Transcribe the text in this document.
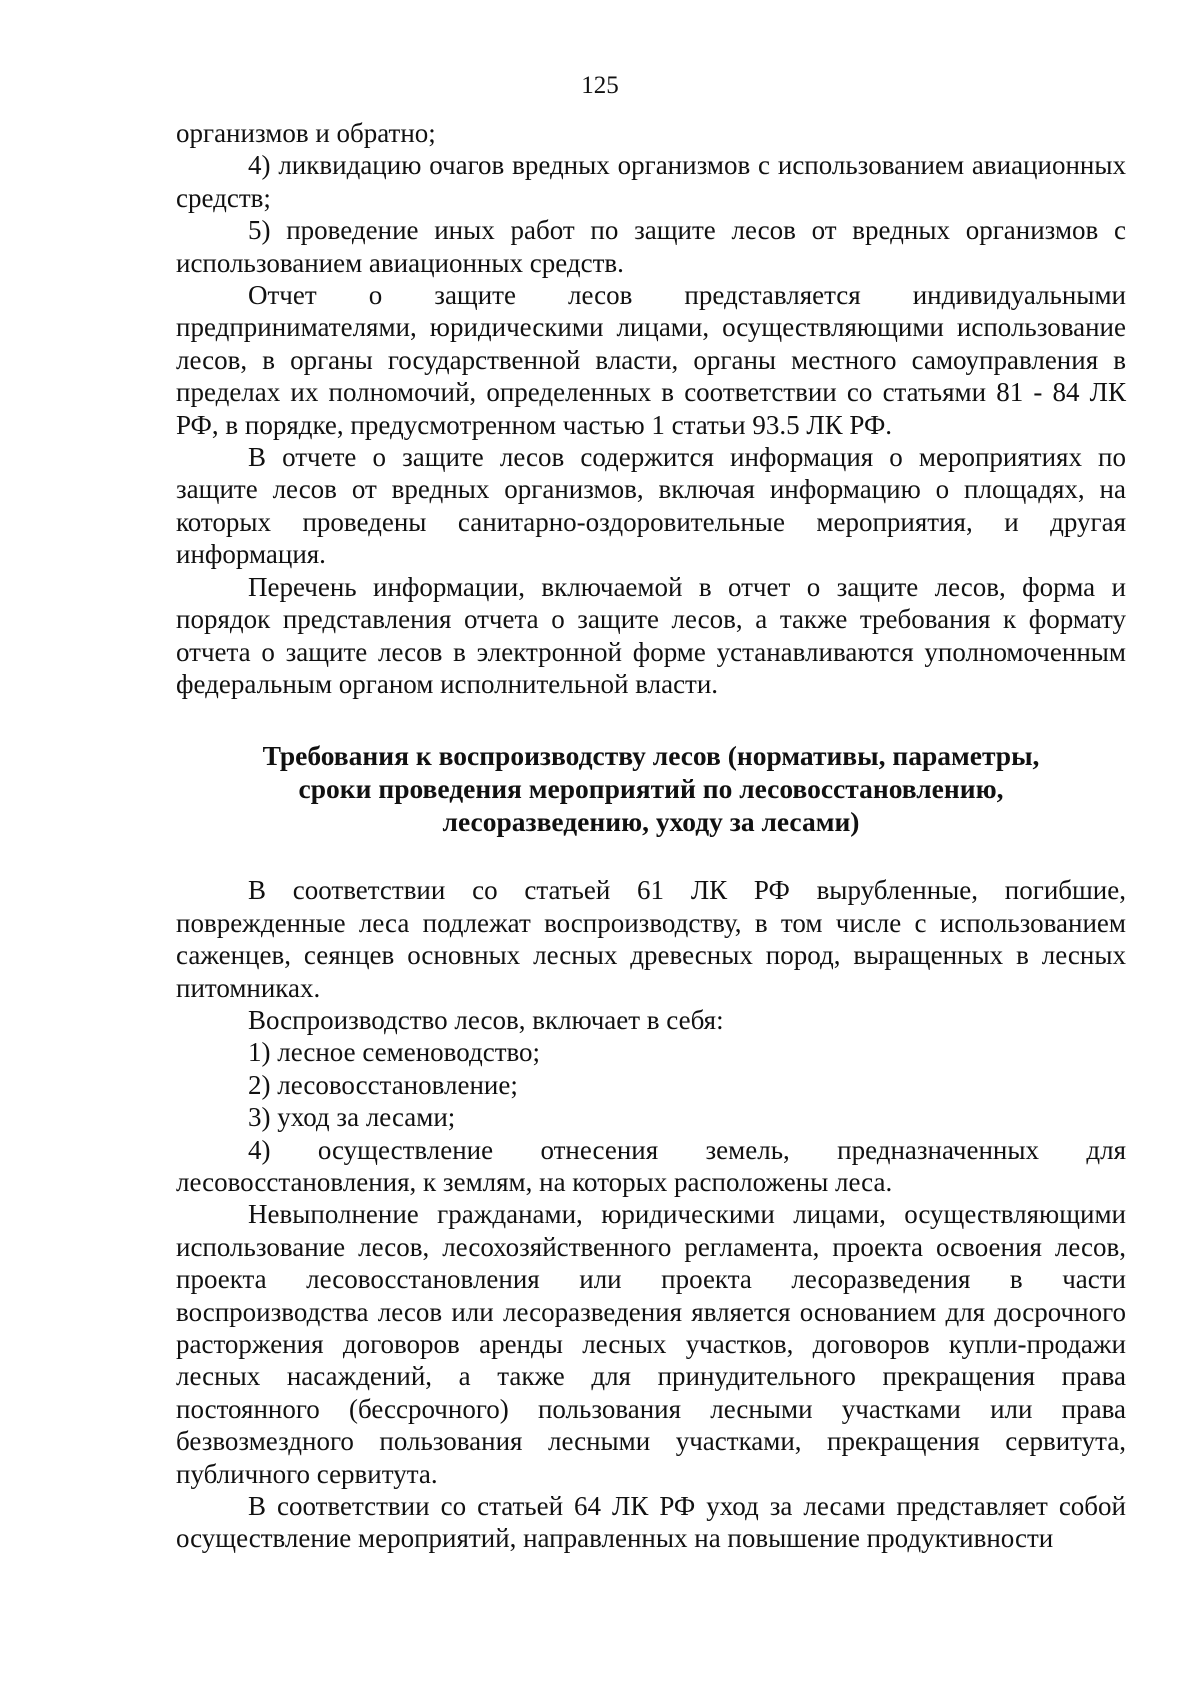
125

организмов и обратно;

4) ликвидацию очагов вредных организмов с использованием авиационных средств;

5) проведение иных работ по защите лесов от вредных организмов с использованием авиационных средств.

Отчет о защите лесов представляется индивидуальными предпринимателями, юридическими лицами, осуществляющими использование лесов, в органы государственной власти, органы местного самоуправления в пределах их полномочий, определенных в соответствии со статьями 81 - 84 ЛК РФ, в порядке, предусмотренном частью 1 статьи 93.5 ЛК РФ.

В отчете о защите лесов содержится информация о мероприятиях по защите лесов от вредных организмов, включая информацию о площадях, на которых проведены санитарно-оздоровительные мероприятия, и другая информация.

Перечень информации, включаемой в отчет о защите лесов, форма и порядок представления отчета о защите лесов, а также требования к формату отчета о защите лесов в электронной форме устанавливаются уполномоченным федеральным органом исполнительной власти.

Требования к воспроизводству лесов (нормативы, параметры,
сроки проведения мероприятий по лесовосстановлению,
лесоразведению, уходу за лесами)

В соответствии со статьей 61 ЛК РФ вырубленные, погибшие, поврежденные леса подлежат воспроизводству, в том числе с использованием саженцев, сеянцев основных лесных древесных пород, выращенных в лесных питомниках.

Воспроизводство лесов, включает в себя:

1) лесное семеноводство;

2) лесовосстановление;

3) уход за лесами;

4) осуществление отнесения земель, предназначенных для лесовосстановления, к землям, на которых расположены леса.

Невыполнение гражданами, юридическими лицами, осуществляющими использование лесов, лесохозяйственного регламента, проекта освоения лесов, проекта лесовосстановления или проекта лесоразведения в части воспроизводства лесов или лесоразведения является основанием для досрочного расторжения договоров аренды лесных участков, договоров купли-продажи лесных насаждений, а также для принудительного прекращения права постоянного (бессрочного) пользования лесными участками или права безвозмездного пользования лесными участками, прекращения сервитута, публичного сервитута.

В соответствии со статьей 64 ЛК РФ уход за лесами представляет собой осуществление мероприятий, направленных на повышение продуктивности
